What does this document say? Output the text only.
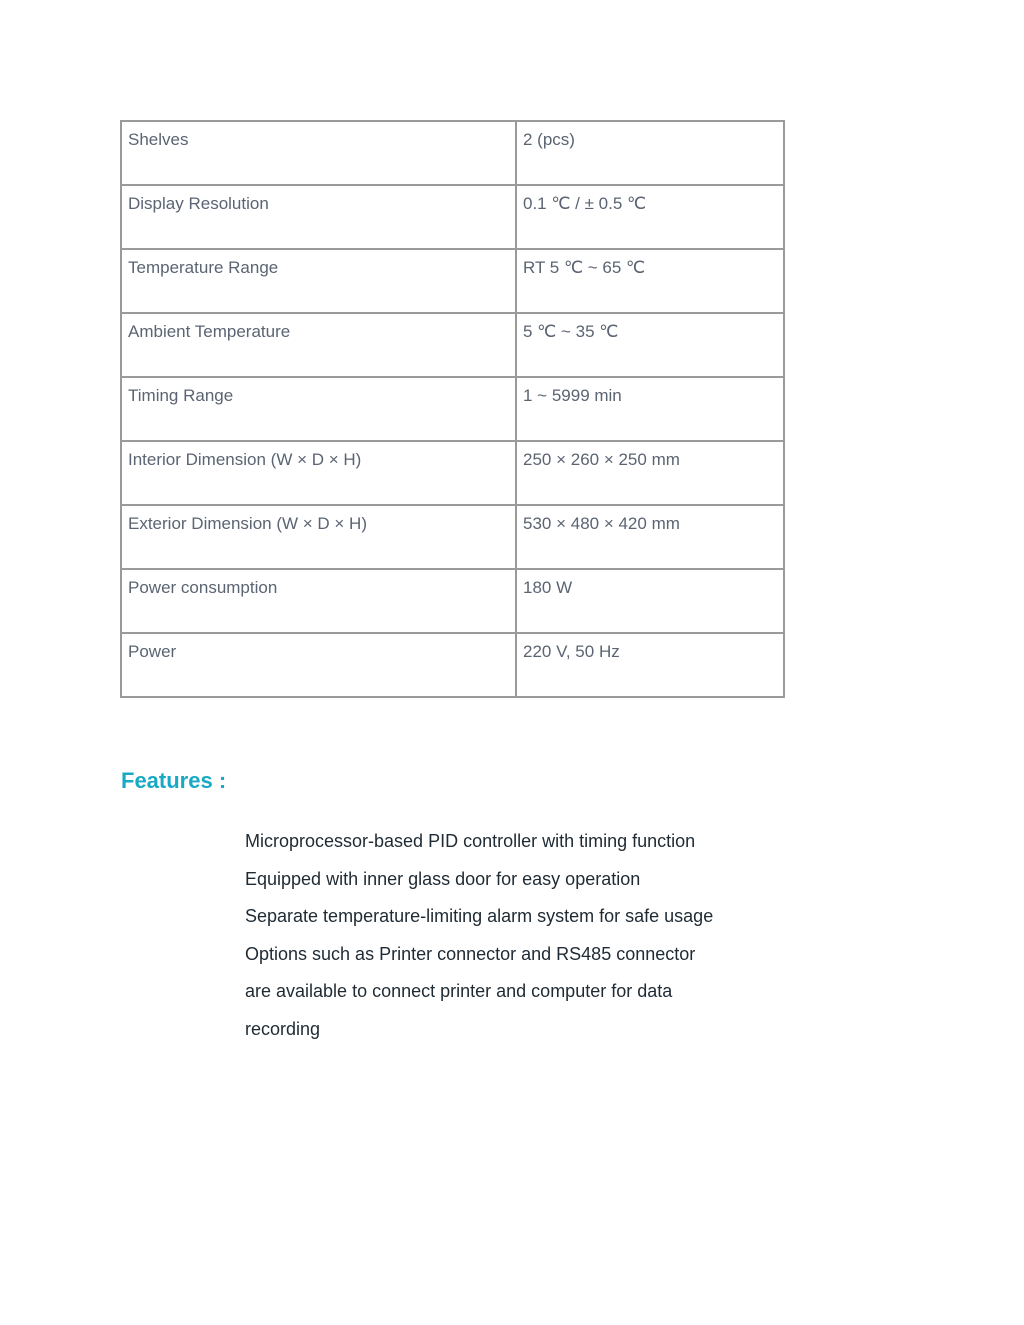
Shelves	2 (pcs)
Display Resolution	0.1 ℃ / ± 0.5 ℃
Temperature Range	RT 5 ℃ ~ 65 ℃
Ambient Temperature	5 ℃ ~ 35 ℃
Timing Range	1 ~ 5999 min
Interior Dimension (W × D × H)	250 × 260 × 250 mm
Exterior Dimension (W × D × H)	530 × 480 × 420 mm
Power consumption	180 W
Power	220 V, 50 Hz
Features :
Microprocessor-based PID controller with timing function
Equipped with inner glass door for easy operation
Separate temperature-limiting alarm system for safe usage
Options such as Printer connector and RS485 connector are available to connect printer and computer for data recording
